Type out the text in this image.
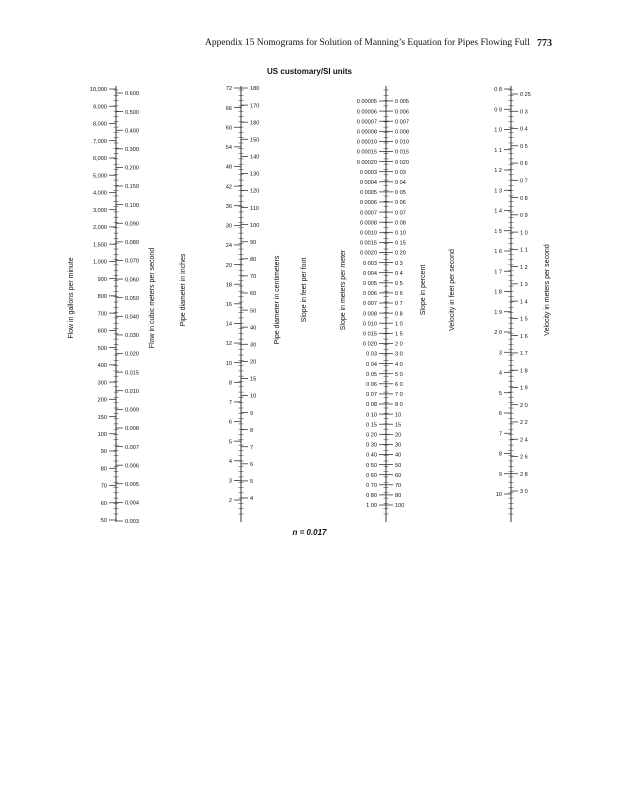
Appendix 15 Nomograms for Solution of Manning’s Equation for Pipes Flowing Full 773
US customary/SI units
10,000
9,000
8,000
7,000
6,000
5,000
4,000
3,000
2,000
1,500
1,000
900
800
700
600
500
400
300
200
150
100
90
80
70
60
50
0.600
0.500
0.400
0.300
0.200
0.150
0.100
0.090
0.080
0.070
0.060
0.050
0.040
0.030
0.020
0.015
0.010
0.009
0.008
0.007
0.006
0.005
0.004
0.003
Flow in gallons per minute	Flow in cubic meters per second
72
66
60
54
48
42
36
30
24
20
18
16
14
12
10
8
7
6
5
4
3
2
180
170
180
150
140
130
120
110
100
90
80
70
60
50
40
30
20
15
10
9
8
7
6
5
4
Pipe diameter in inches	Pipe diameter in centimeters
0 00005
0 00006
0 00007
0 00008
0 00010
0 00015
0 00020
0 0003
0 0004
0 0005
0 0006
0 0007
0 0008
0 0010
0 0015
0 0020
0 003
0 004
0 005
0 006
0 007
0 008
0 010
0 015
0 020
0 03
0 04
0 05
0 06
0 07
0 08
0 10
0 15
0 20
0 30
0 40
0 50
0 60
0 70
0 80
1 00
0 005
0 006
0 007
0 008
0 010
0 015
0 020
0 03
0 04
0 05
0 06
0 07
0 08
0 10
0 15
0 20
0 3
0 4
0 5
0 6
0 7
0 8
1 0
1 5
2 0
3 0
4 0
5 0
6 0
7 0
8 0
10
15
20
30
40
50
60
70
80
100
Slope in feet per foot	Slope in meters per meter	Slope in percent
0 8
0 9
1 0
1 1
1 2
1 3
1 4
1 5
1 6
1 7
1 8
1 9
2 0
3
4
5
6
7
8
9
10
0 25
0 3
0 4
0 5
0 6
0 7
0 8
0 9
1 0
1 1
1 2
1 3
1 4
1 5
1 6
1 7
1 8
1 9
2 0
2 2
2 4
2 6
2 8
3 0
Velocity in feet per second	Velocity in meters per second
n = 0.017
